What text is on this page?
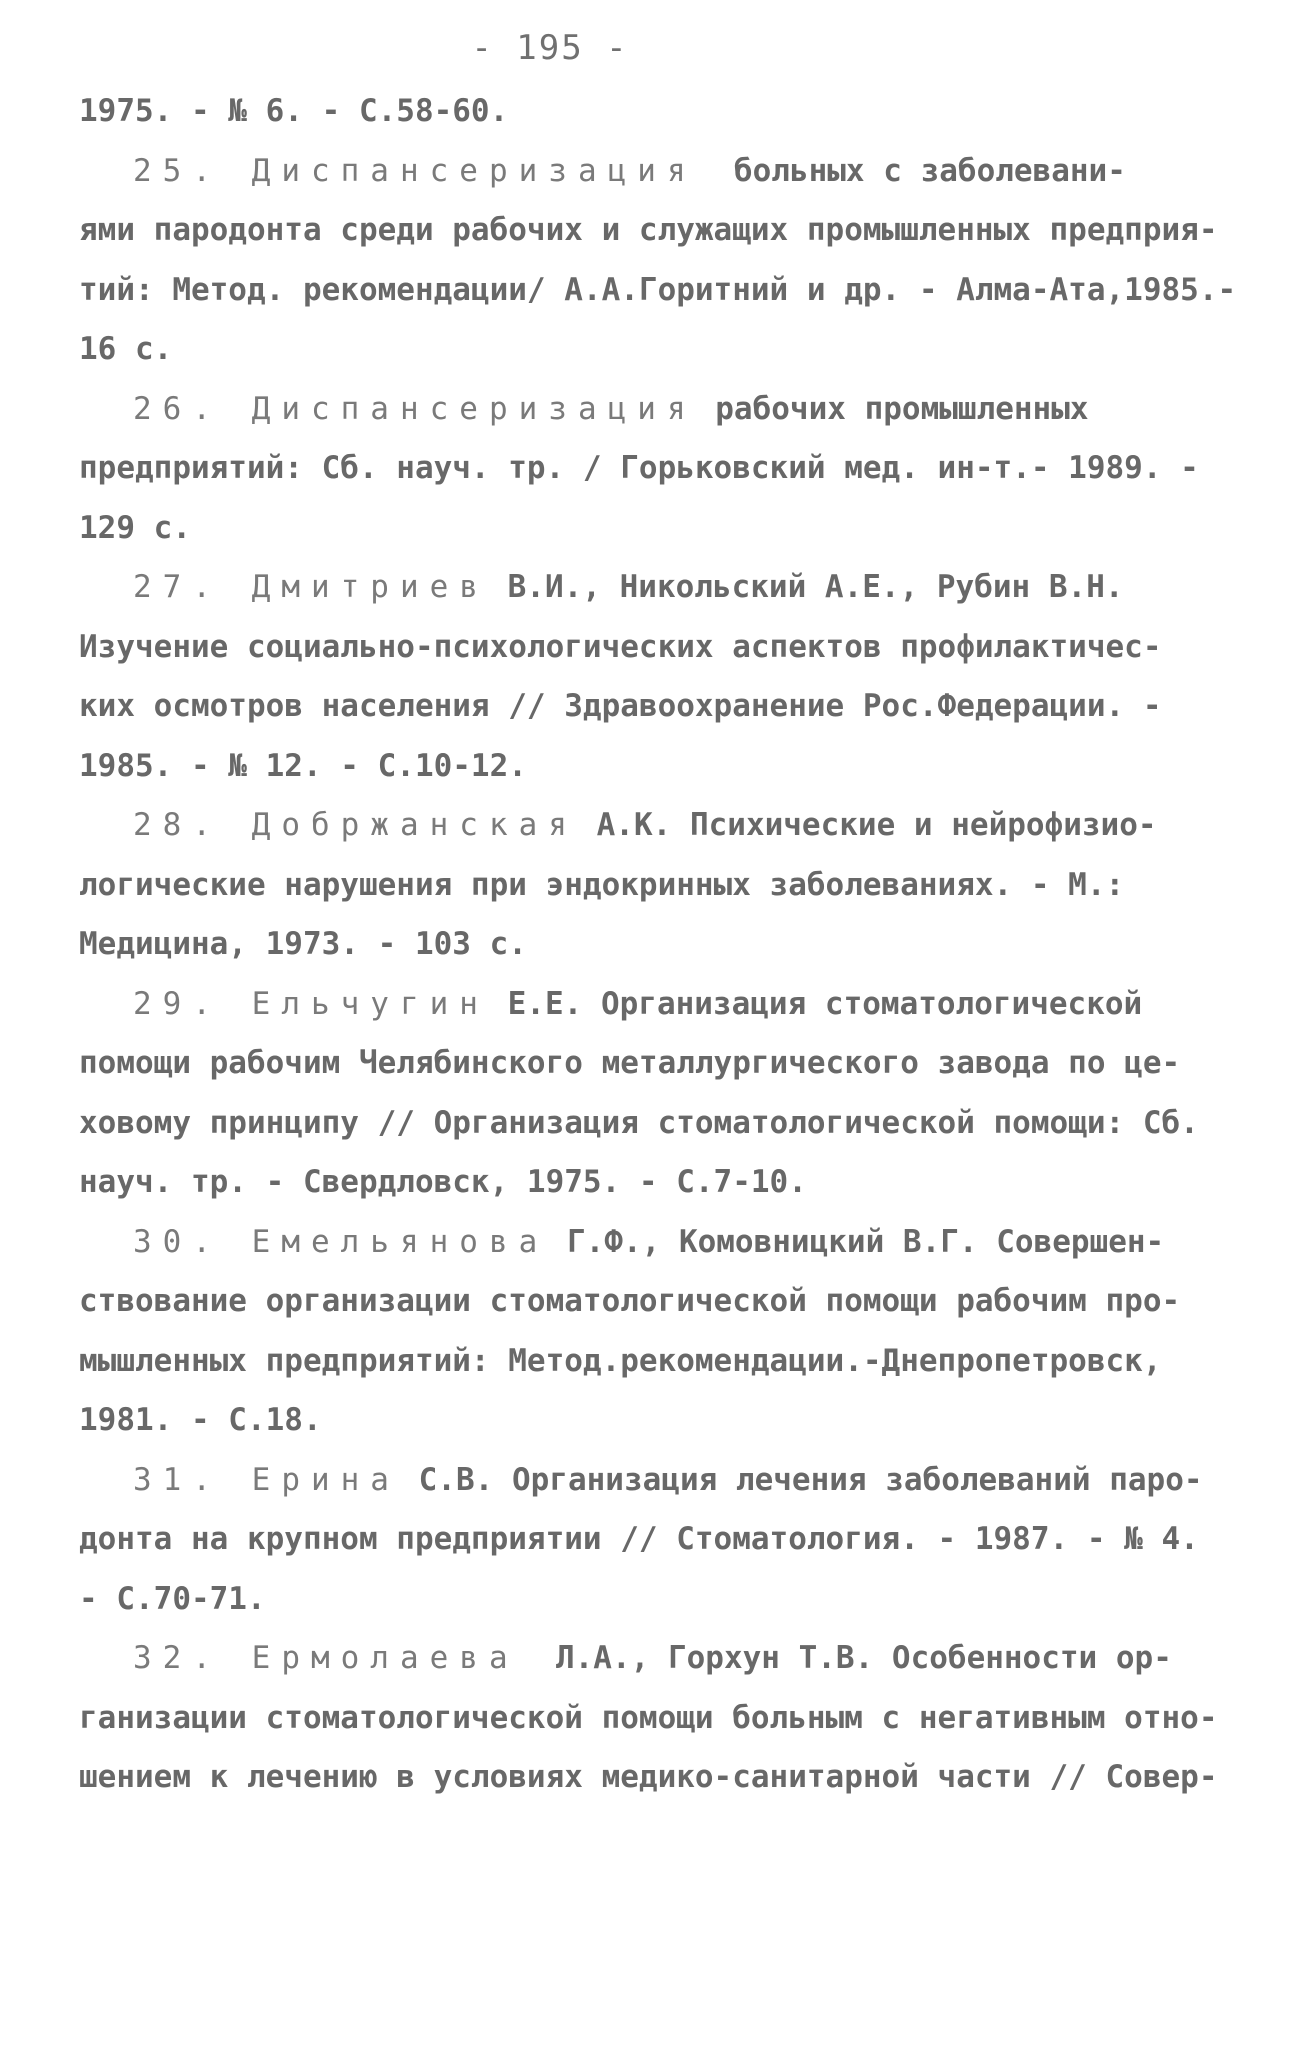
- 195 -
1975. - № 6. - С.58-60.
25. Диспансеризация  больных с заболевани-
ями пародонта среди рабочих и служащих промышленных предприя-
тий: Метод. рекомендации/ А.А.Горитний и др. - Алма-Ата,1985.-
16 с.
26. Диспансеризация рабочих промышленных
предприятий: Сб. науч. тр. / Горьковский мед. ин-т.- 1989. -
129 с.
27. Дмитриев В.И., Никольский А.Е., Рубин В.Н.
Изучение социально-психологических аспектов профилактичес-
ких осмотров населения // Здравоохранение Рос.Федерации. -
1985. - № 12. - С.10-12.
28. Добржанская А.К. Психические и нейрофизио-
логические нарушения при эндокринных заболеваниях. - М.:
Медицина, 1973. - 103 с.
29. Ельчугин Е.Е. Организация стоматологической
помощи рабочим Челябинского металлургического завода по це-
ховому принципу // Организация стоматологической помощи: Сб.
науч. тр. - Свердловск, 1975. - С.7-10.
30. Емельянова Г.Ф., Комовницкий В.Г. Совершен-
ствование организации стоматологической помощи рабочим про-
мышленных предприятий: Метод.рекомендации.-Днепропетровск,
1981. - С.18.
31. Ерина С.В. Организация лечения заболеваний паро-
донта на крупном предприятии // Стоматология. - 1987. - № 4.
- С.70-71.
32. Ермолаева  Л.А., Горхун Т.В. Особенности ор-
ганизации стоматологической помощи больным с негативным отно-
шением к лечению в условиях медико-санитарной части // Совер-
